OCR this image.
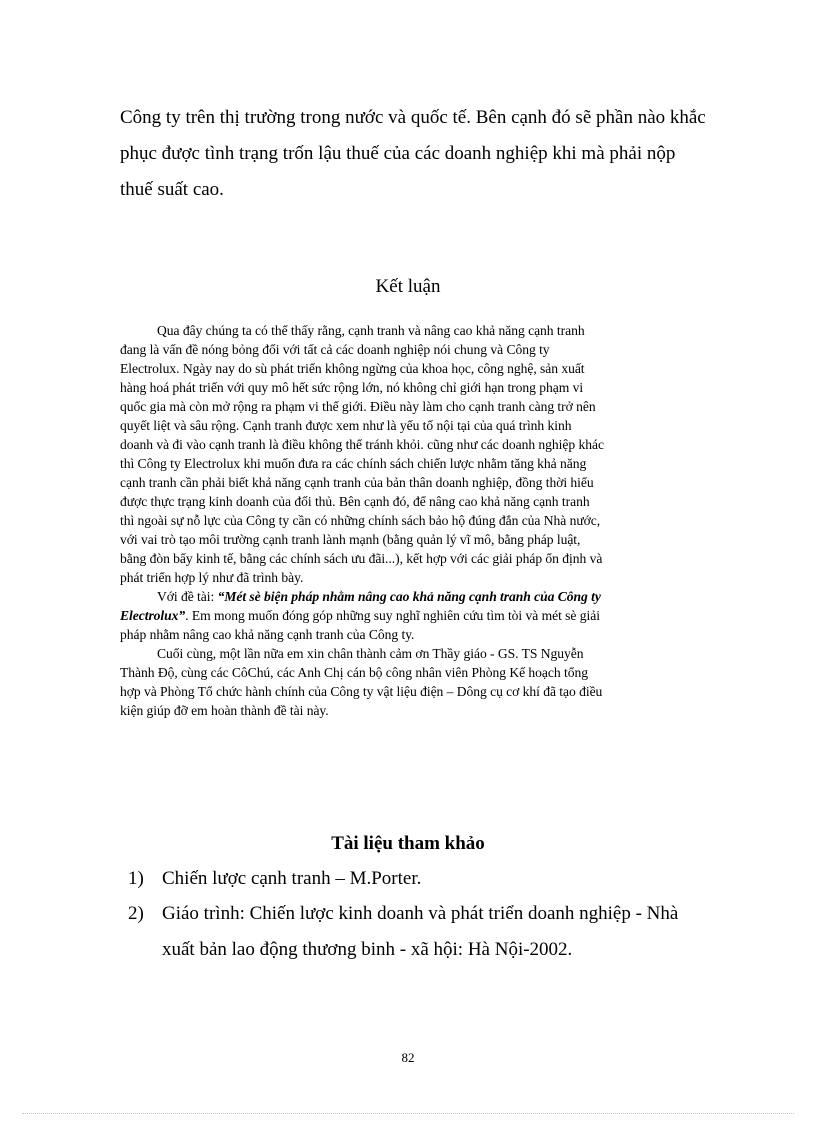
Công ty trên thị trường trong nước và quốc tế. Bên cạnh đó sẽ phần nào khắc

phục được tình trạng trốn lậu thuế của các doanh nghiệp khi mà phải nộp

thuế suất cao.

Kết luận

Qua đây chúng ta có thể thấy rằng, cạnh tranh và nâng cao khả năng cạnh tranh

đang là vấn đề nóng bỏng đối với tất cả các doanh nghiệp nói chung và Công ty

Electrolux. Ngày nay do sù phát triển không ngừng của khoa học, công nghệ, sản xuất

hàng hoá phát triển với quy mô hết sức rộng lớn, nó không chỉ giới hạn trong phạm vi

quốc gia mà còn mở rộng ra phạm vi thế giới. Điều này làm cho cạnh tranh càng trở nên

quyết liệt và sâu rộng. Cạnh tranh được xem như là yếu tố nội tại của quá trình kinh

doanh và đi vào cạnh tranh là điều không thể tránh khỏi. cũng như các doanh nghiệp khác

thì Công ty Electrolux khi muốn đưa ra các chính sách chiến lược nhằm tăng khả năng

cạnh tranh cần phải biết khả năng cạnh tranh của bản thân doanh nghiệp, đồng thời hiểu

được thực trạng kinh doanh của đối thủ. Bên cạnh đó, để nâng cao khả năng cạnh tranh

thì ngoài sự nỗ lực của Công ty cần có những chính sách bảo hộ đúng đắn của Nhà nước,

với vai trò tạo môi trường cạnh tranh lành mạnh (bằng quản lý vĩ mô, bằng pháp luật,

bằng đòn bẩy kinh tế, bằng các chính sách ưu đãi...), kết hợp với các giải pháp ổn định và

phát triển hợp lý như đã trình bày.

Với đề tài: “Mét sè biện pháp nhằm nâng cao khả năng cạnh tranh của Công ty

Electrolux”. Em mong muốn đóng góp những suy nghĩ nghiên cứu tìm tòi và mét sè giải

pháp nhằm nâng cao khả năng cạnh tranh của Công ty.

Cuối cùng, một lần nữa em xin chân thành cảm ơn Thầy giáo - GS. TS Nguyễn

Thành Độ, cùng các CôChú, các Anh Chị cán bộ công nhân viên Phòng Kế hoạch tổng

hợp và Phòng Tổ chức hành chính của Công ty vật liệu điện – Dông cụ cơ khí đã tạo điều

kiện giúp đỡ em hoàn thành đề tài này.

Tài liệu tham khảo

1) Chiến lược cạnh tranh – M.Porter.
2) Giáo trình: Chiến lược kinh doanh và phát triển doanh nghiệp - Nhà
xuất bản lao động thương binh - xã hội: Hà Nội-2002.
82
